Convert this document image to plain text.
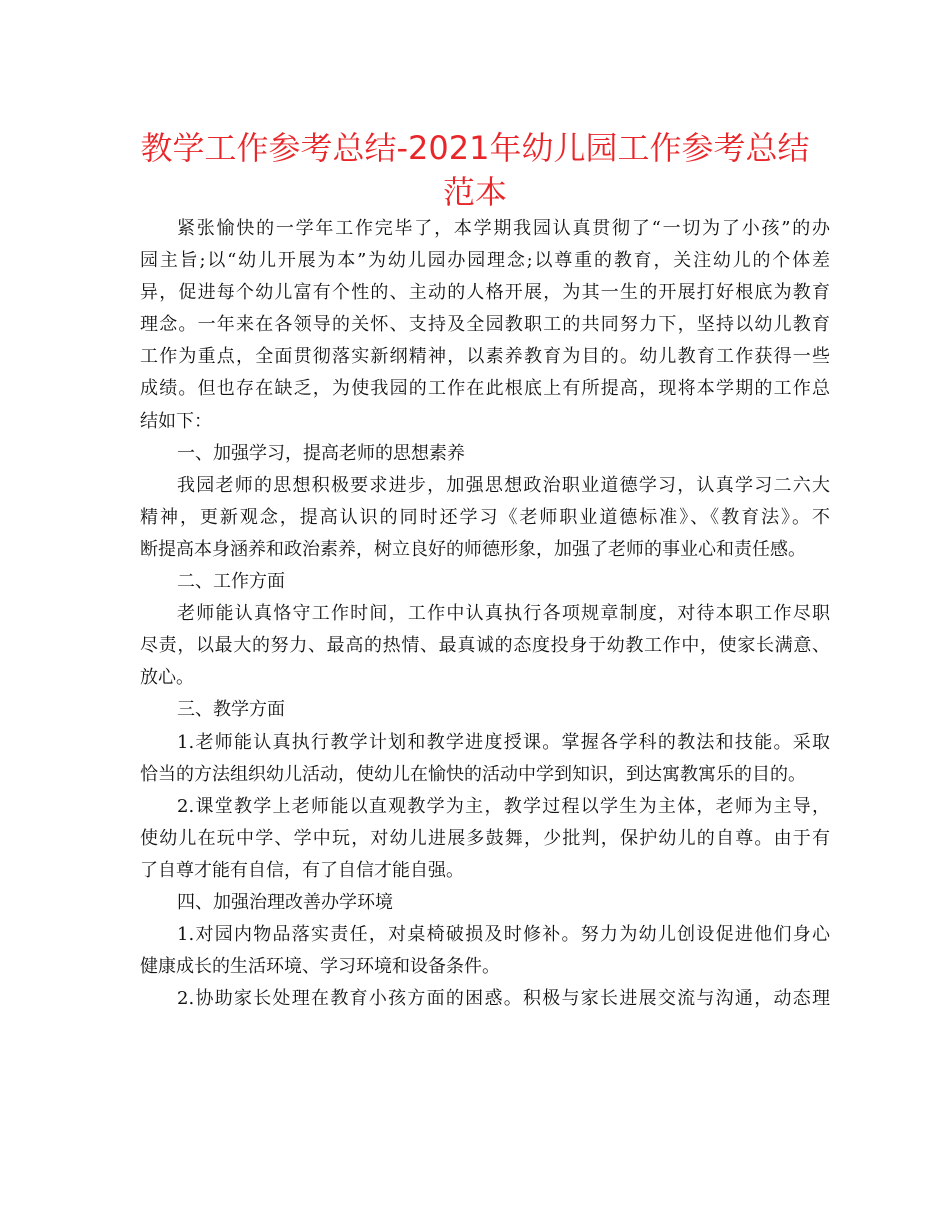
教学工作参考总结-2021年幼儿园工作参考总结
范本
紧张愉快的一学年工作完毕了，本学期我园认真贯彻了“一切为了小孩”的办
园主旨;以“幼儿开展为本”为幼儿园办园理念;以尊重的教育，关注幼儿的个体差
异，促进每个幼儿富有个性的、主动的人格开展，为其一生的开展打好根底为教育
理念。一年来在各领导的关怀、支持及全园教职工的共同努力下，坚持以幼儿教育
工作为重点，全面贯彻落实新纲精神，以素养教育为目的。幼儿教育工作获得一些
成绩。但也存在缺乏，为使我园的工作在此根底上有所提高，现将本学期的工作总
结如下：
一、加强学习，提高老师的思想素养
我园老师的思想积极要求进步，加强思想政治职业道德学习，认真学习二六大
精神，更新观念，提高认识的同时还学习《老师职业道德标准》、《教育法》。不
断提高本身涵养和政治素养，树立良好的师德形象，加强了老师的事业心和责任感。
二、工作方面
老师能认真恪守工作时间，工作中认真执行各项规章制度，对待本职工作尽职
尽责，以最大的努力、最高的热情、最真诚的态度投身于幼教工作中，使家长满意、
放心。
三、教学方面
1.老师能认真执行教学计划和教学进度授课。掌握各学科的教法和技能。采取
恰当的方法组织幼儿活动，使幼儿在愉快的活动中学到知识，到达寓教寓乐的目的。
2.课堂教学上老师能以直观教学为主，教学过程以学生为主体，老师为主导，
使幼儿在玩中学、学中玩，对幼儿进展多鼓舞，少批判，保护幼儿的自尊。由于有
了自尊才能有自信，有了自信才能自强。
四、加强治理改善办学环境
1.对园内物品落实责任，对桌椅破损及时修补。努力为幼儿创设促进他们身心
健康成长的生活环境、学习环境和设备条件。
2.协助家长处理在教育小孩方面的困惑。积极与家长进展交流与沟通，动态理
